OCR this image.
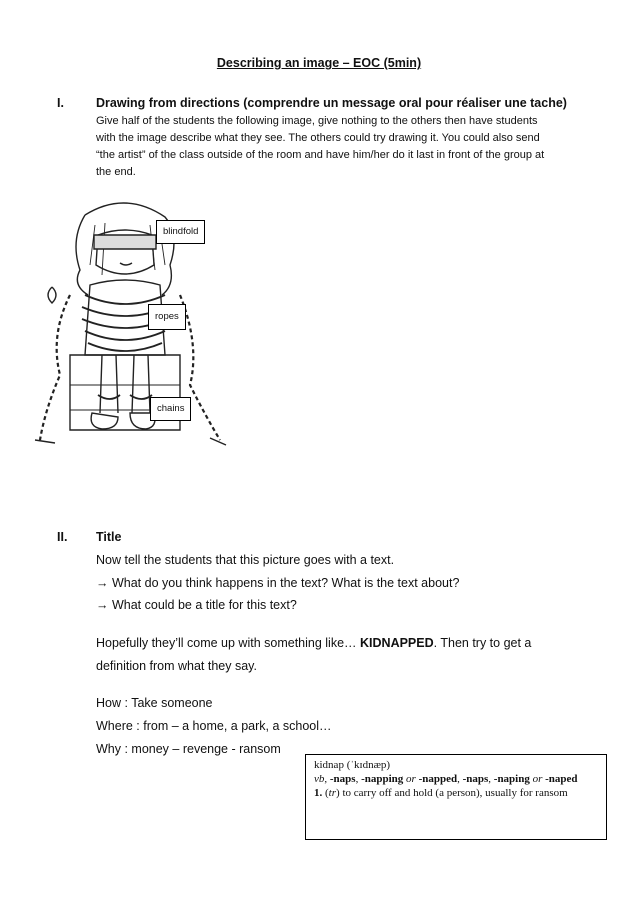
Describing an image – EOC (5min)
I.	Drawing from directions (comprendre un message oral pour réaliser une tache)
Give half of the students the following image, give nothing to the others then have students
with the image describe what they see. The others could try drawing it. You could also send
“the artist” of the class outside of the room and have him/her do it last in front of the group at
the end.
blindfold
ropes
chains
II. Title
Now tell the students that this picture goes with a text.
→ What do you think happens in the text? What is the text about?
→ What could be a title for this text?
Hopefully they’ll come up with something like… KIDNAPPED. Then try to get a
definition from what they say.
How : Take someone
Where : from – a home, a park, a school…
Why : money – revenge - ransom
kidnap (ˈkɪdnæp)
vb, -naps, -napping or -napped, -naps, -naping or -naped
1. (tr) to carry off and hold (a person), usually for ransom
